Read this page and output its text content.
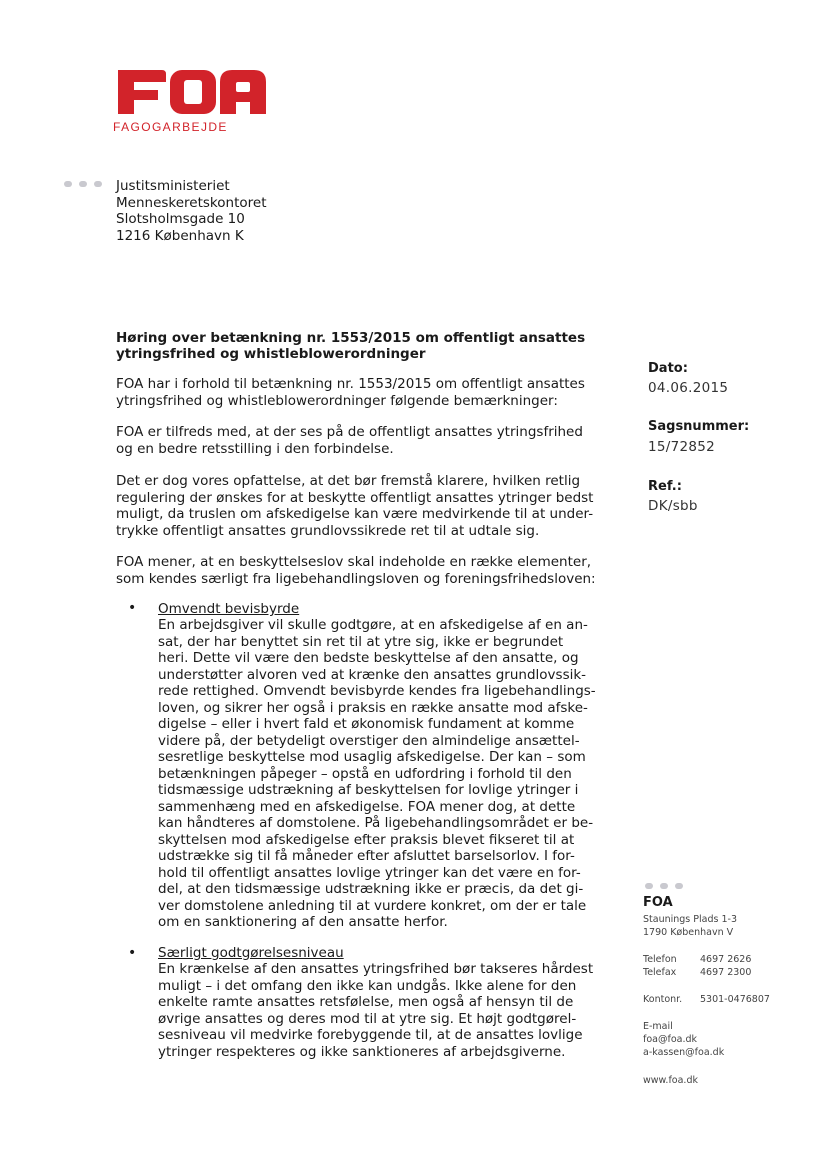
FAGOGARBEJDE
Justitsministeriet
Menneskeretskontoret
Slotsholmsgade 10
1216 København K
Høring over betænkning nr. 1553/2015 om offentligt ansattes
ytringsfrihed og whistleblowerordninger
FOA har i forhold til betænkning nr. 1553/2015 om offentligt ansattes
ytringsfrihed og whistleblowerordninger følgende bemærkninger:
FOA er tilfreds med, at der ses på de offentligt ansattes ytringsfrihed
og en bedre retsstilling i den forbindelse.
Det er dog vores opfattelse, at det bør fremstå klarere, hvilken retlig
regulering der ønskes for at beskytte offentligt ansattes ytringer bedst
muligt, da truslen om afskedigelse kan være medvirkende til at under-
trykke offentligt ansattes grundlovssikrede ret til at udtale sig.
FOA mener, at en beskyttelseslov skal indeholde en række elementer,
som kendes særligt fra ligebehandlingsloven og foreningsfrihedsloven:
• Omvendt bevisbyrde
En arbejdsgiver vil skulle godtgøre, at en afskedigelse af en an-
sat, der har benyttet sin ret til at ytre sig, ikke er begrundet
heri. Dette vil være den bedste beskyttelse af den ansatte, og
understøtter alvoren ved at krænke den ansattes grundlovssik-
rede rettighed. Omvendt bevisbyrde kendes fra ligebehandlings-
loven, og sikrer her også i praksis en række ansatte mod afske-
digelse – eller i hvert fald et økonomisk fundament at komme
videre på, der betydeligt overstiger den almindelige ansættel-
sesretlige beskyttelse mod usaglig afskedigelse. Der kan – som
betænkningen påpeger – opstå en udfordring i forhold til den
tidsmæssige udstrækning af beskyttelsen for lovlige ytringer i
sammenhæng med en afskedigelse. FOA mener dog, at dette
kan håndteres af domstolene. På ligebehandlingsområdet er be-
skyttelsen mod afskedigelse efter praksis blevet fikseret til at
udstrække sig til få måneder efter afsluttet barselsorlov. I for-
hold til offentligt ansattes lovlige ytringer kan det være en for-
del, at den tidsmæssige udstrækning ikke er præcis, da det gi-
ver domstolene anledning til at vurdere konkret, om der er tale
om en sanktionering af den ansatte herfor.
• Særligt godtgørelsesniveau
En krænkelse af den ansattes ytringsfrihed bør takseres hårdest
muligt – i det omfang den ikke kan undgås. Ikke alene for den
enkelte ramte ansattes retsfølelse, men også af hensyn til de
øvrige ansattes og deres mod til at ytre sig. Et højt godtgørel-
sesniveau vil medvirke forebyggende til, at de ansattes lovlige
ytringer respekteres og ikke sanktioneres af arbejdsgiverne.
Dato:
04.06.2015
Sagsnummer:
15/72852
Ref.:
DK/sbb
FOA
Staunings Plads 1-3
1790 København V
Telefon	4697 2626
Telefax	4697 2300
Kontonr.	5301-0476807
E-mail
foa@foa.dk
a-kassen@foa.dk
www.foa.dk
